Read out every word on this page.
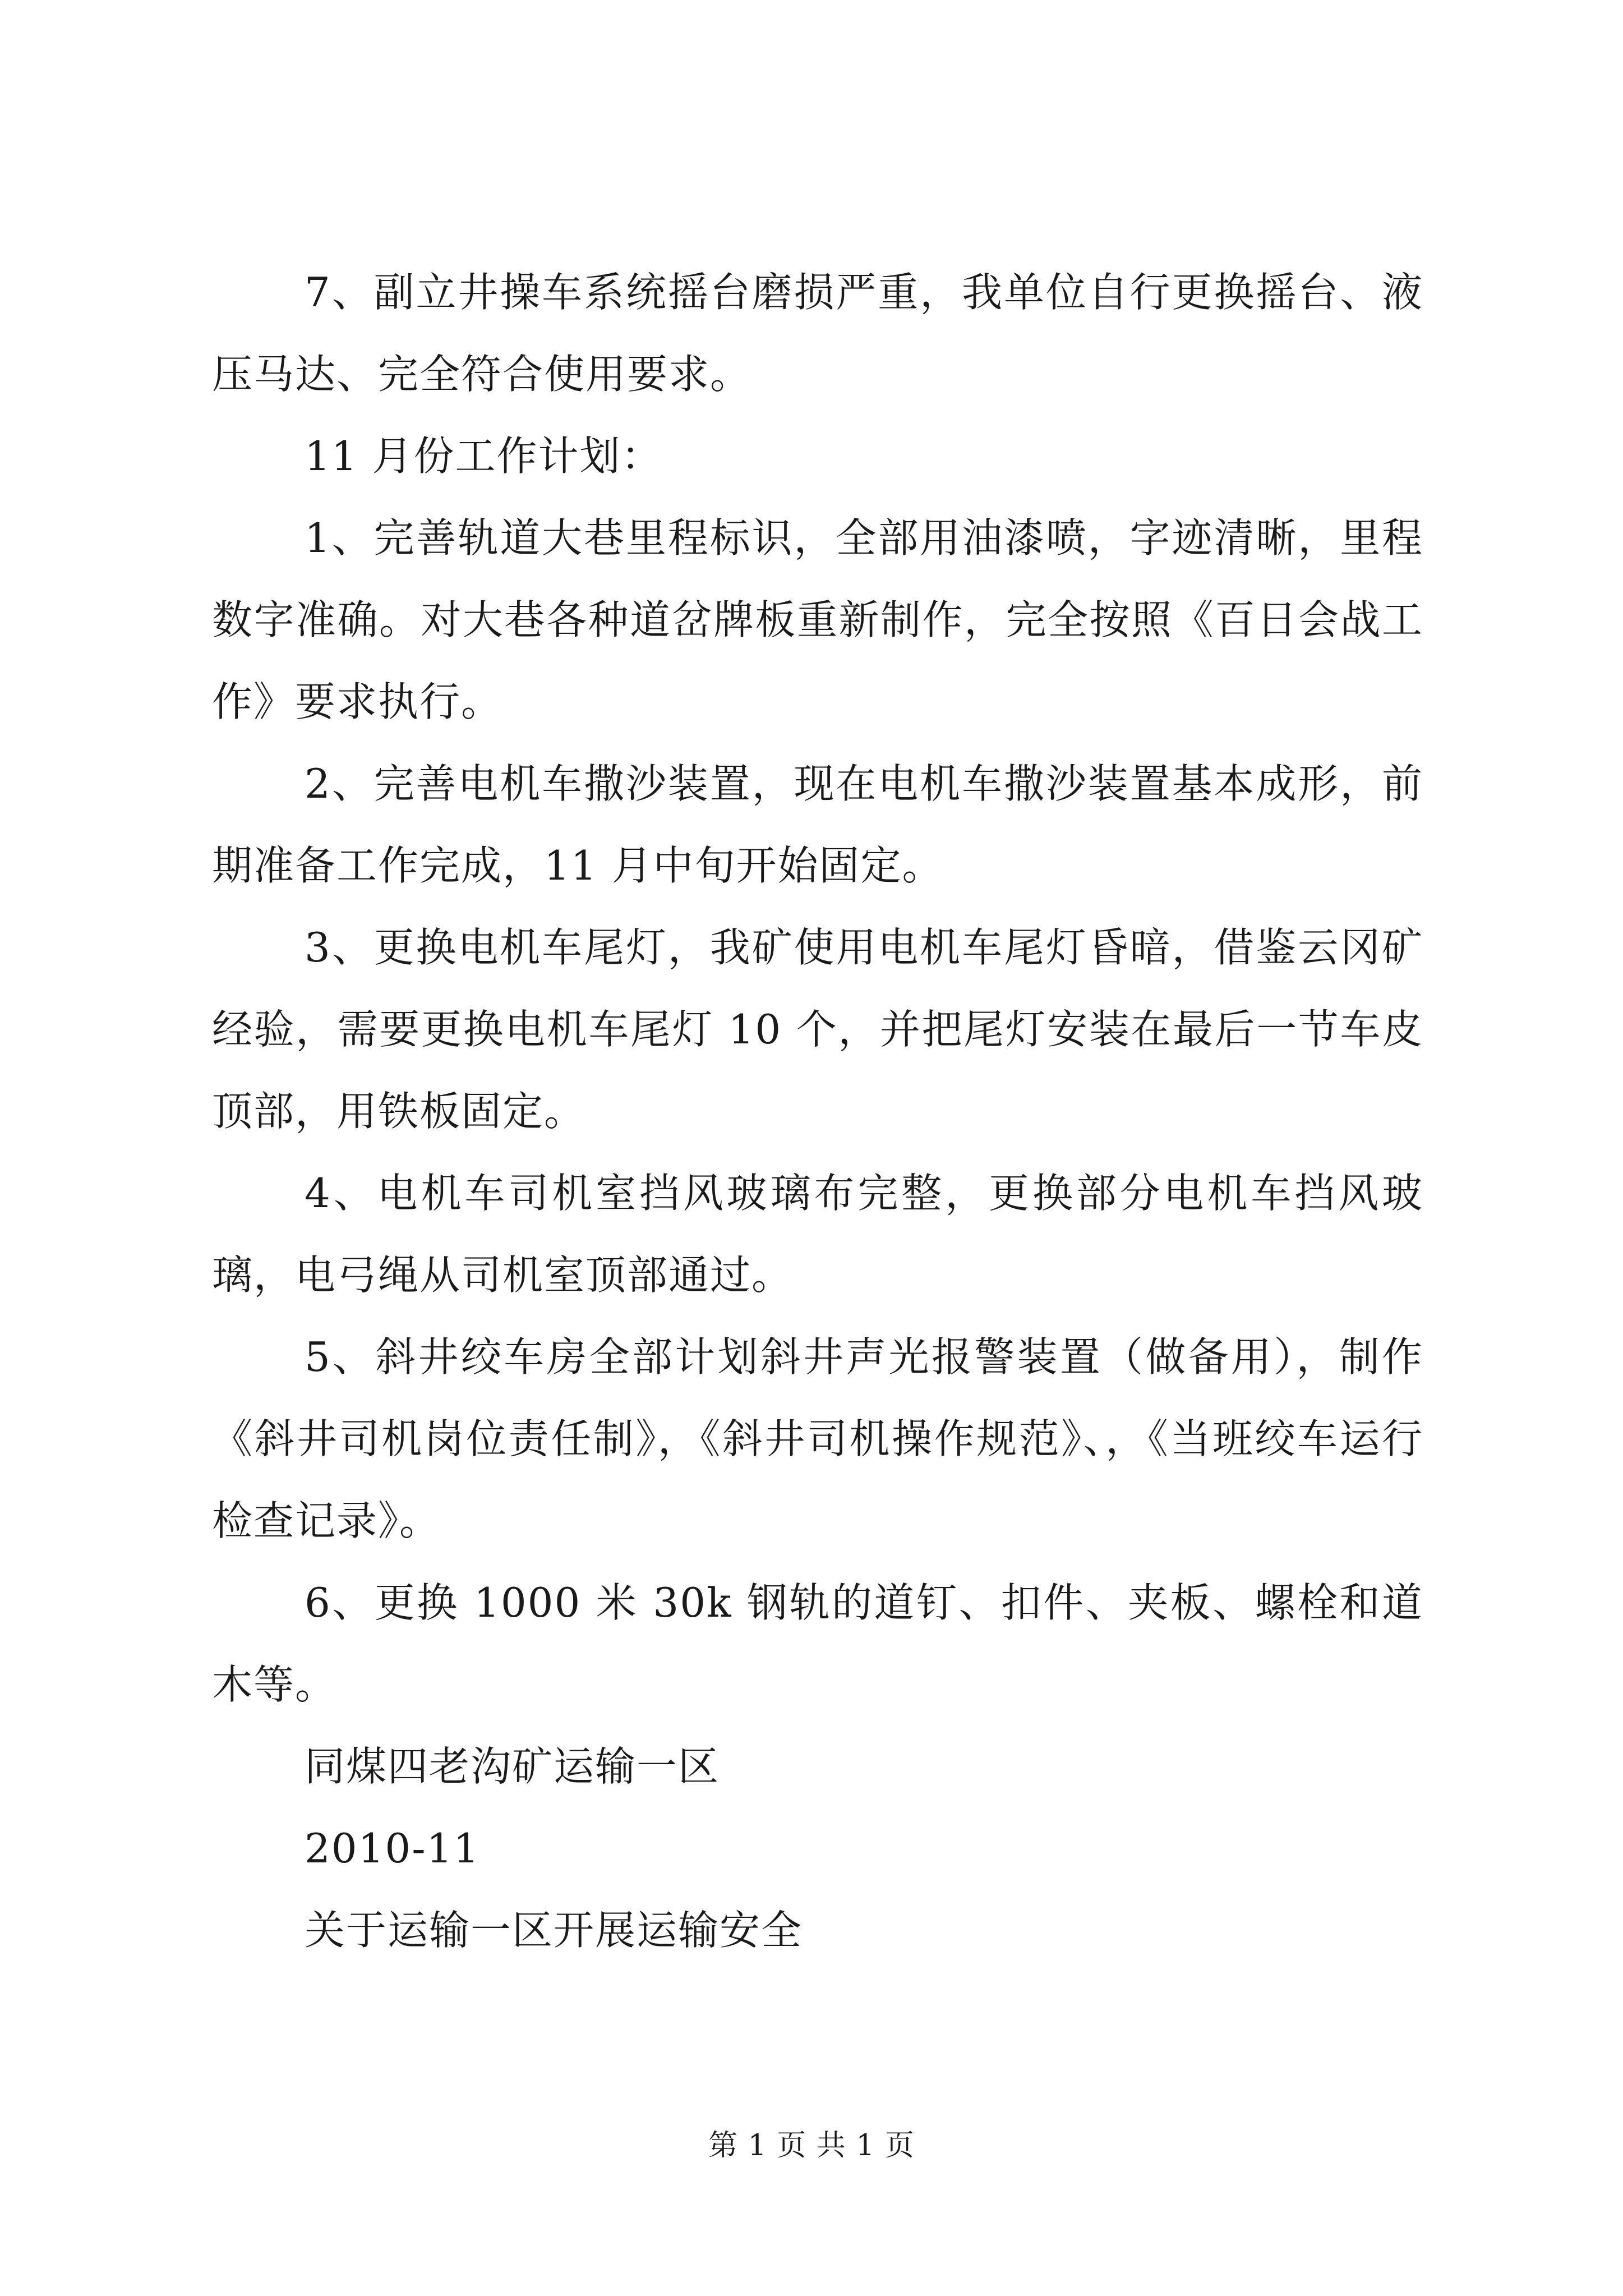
7、副立井操车系统摇台磨损严重，我单位自行更换摇台、液压马达、完全符合使用要求。

11 月份工作计划：

1、完善轨道大巷里程标识，全部用油漆喷，字迹清晰，里程数字准确。对大巷各种道岔牌板重新制作，完全按照《百日会战工作》要求执行。

2、完善电机车撒沙装置，现在电机车撒沙装置基本成形，前期准备工作完成，11 月中旬开始固定。

3、更换电机车尾灯，我矿使用电机车尾灯昏暗，借鉴云冈矿经验，需要更换电机车尾灯 10 个，并把尾灯安装在最后一节车皮顶部，用铁板固定。

4、电机车司机室挡风玻璃布完整，更换部分电机车挡风玻璃，电弓绳从司机室顶部通过。

5、斜井绞车房全部计划斜井声光报警装置（做备用），制作《斜井司机岗位责任制》，《斜井司机操作规范》、，《当班绞车运行检查记录》。

6、更换 1000 米 30k 钢轨的道钉、扣件、夹板、螺栓和道木等。

同煤四老沟矿运输一区

2010-11

关于运输一区开展运输安全

第 1 页 共 1 页
